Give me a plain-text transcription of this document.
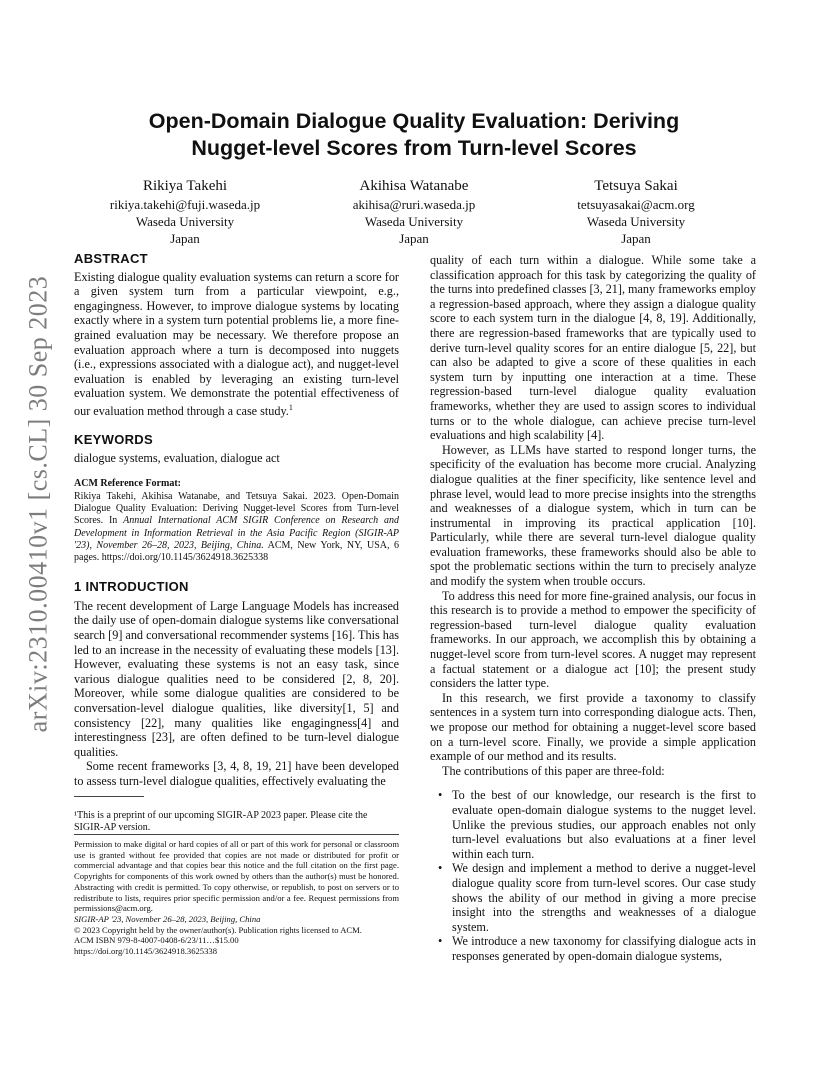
arXiv:2310.00410v1 [cs.CL] 30 Sep 2023
Open-Domain Dialogue Quality Evaluation: Deriving
Nugget-level Scores from Turn-level Scores
Rikiya Takehi
rikiya.takehi@fuji.waseda.jp
Waseda University
Japan
Akihisa Watanabe
akihisa@ruri.waseda.jp
Waseda University
Japan
Tetsuya Sakai
tetsuyasakai@acm.org
Waseda University
Japan
ABSTRACT

Existing dialogue quality evaluation systems can return a score for a given system turn from a particular viewpoint, e.g., engagingness. However, to improve dialogue systems by locating exactly where in a system turn potential problems lie, a more fine-grained evaluation may be necessary. We therefore propose an evaluation approach where a turn is decomposed into nuggets (i.e., expressions associated with a dialogue act), and nugget-level evaluation is enabled by leveraging an existing turn-level evaluation system. We demonstrate the potential effectiveness of our evaluation method through a case study.$^1$

KEYWORDS

dialogue systems, evaluation, dialogue act

ACM Reference Format:

Rikiya Takehi, Akihisa Watanabe, and Tetsuya Sakai. 2023. Open-Domain Dialogue Quality Evaluation: Deriving Nugget-level Scores from Turn-level Scores. In Annual International ACM SIGIR Conference on Research and Development in Information Retrieval in the Asia Pacific Region (SIGIR-AP '23), November 26–28, 2023, Beijing, China. ACM, New York, NY, USA, 6 pages. https://doi.org/10.1145/3624918.3625338

1 INTRODUCTION

The recent development of Large Language Models has increased the daily use of open-domain dialogue systems like conversational search [9] and conversational recommender systems [16]. This has led to an increase in the necessity of evaluating these models [13]. However, evaluating these systems is not an easy task, since various dialogue qualities need to be considered [2, 8, 20]. Moreover, while some dialogue qualities are considered to be conversation-level dialogue qualities, like diversity[1, 5] and consistency [22], many qualities like engagingness[4] and interestingness [23], are often defined to be turn-level dialogue qualities.

Some recent frameworks [3, 4, 8, 19, 21] have been developed to assess turn-level dialogue qualities, effectively evaluating the

¹This is a preprint of our upcoming SIGIR-AP 2023 paper. Please cite the SIGIR-AP version.

Permission to make digital or hard copies of all or part of this work for personal or classroom use is granted without fee provided that copies are not made or distributed for profit or commercial advantage and that copies bear this notice and the full citation on the first page. Copyrights for components of this work owned by others than the author(s) must be honored. Abstracting with credit is permitted. To copy otherwise, or republish, to post on servers or to redistribute to lists, requires prior specific permission and/or a fee. Request permissions from permissions@acm.org.

SIGIR-AP '23, November 26–28, 2023, Beijing, China

© 2023 Copyright held by the owner/author(s). Publication rights licensed to ACM.

ACM ISBN 979-8-4007-0408-6/23/11…$15.00

https://doi.org/10.1145/3624918.3625338

quality of each turn within a dialogue. While some take a classification approach for this task by categorizing the quality of the turns into predefined classes [3, 21], many frameworks employ a regression-based approach, where they assign a dialogue quality score to each system turn in the dialogue [4, 8, 19]. Additionally, there are regression-based frameworks that are typically used to derive turn-level quality scores for an entire dialogue [5, 22], but can also be adapted to give a score of these qualities in each system turn by inputting one interaction at a time. These regression-based turn-level dialogue quality evaluation frameworks, whether they are used to assign scores to individual turns or to the whole dialogue, can achieve precise turn-level evaluations and high scalability [4].

However, as LLMs have started to respond longer turns, the specificity of the evaluation has become more crucial. Analyzing dialogue qualities at the finer specificity, like sentence level and phrase level, would lead to more precise insights into the strengths and weaknesses of a dialogue system, which in turn can be instrumental in improving its practical application [10]. Particularly, while there are several turn-level dialogue quality evaluation frameworks, these frameworks should also be able to spot the problematic sections within the turn to precisely analyze and modify the system when trouble occurs.

To address this need for more fine-grained analysis, our focus in this research is to provide a method to empower the specificity of regression-based turn-level dialogue quality evaluation frameworks. In our approach, we accomplish this by obtaining a nugget-level score from turn-level scores. A nugget may represent a factual statement or a dialogue act [10]; the present study considers the latter type.

In this research, we first provide a taxonomy to classify sentences in a system turn into corresponding dialogue acts. Then, we propose our method for obtaining a nugget-level score based on a turn-level score. Finally, we provide a simple application example of our method and its results.

The contributions of this paper are three-fold:

• To the best of our knowledge, our research is the first to evaluate open-domain dialogue systems to the nugget level. Unlike the previous studies, our approach enables not only turn-level evaluations but also evaluations at a finer level within each turn.
• We design and implement a method to derive a nugget-level dialogue quality score from turn-level scores. Our case study shows the ability of our method in giving a more precise insight into the strengths and weaknesses of a dialogue system.
• We introduce a new taxonomy for classifying dialogue acts in responses generated by open-domain dialogue systems,
